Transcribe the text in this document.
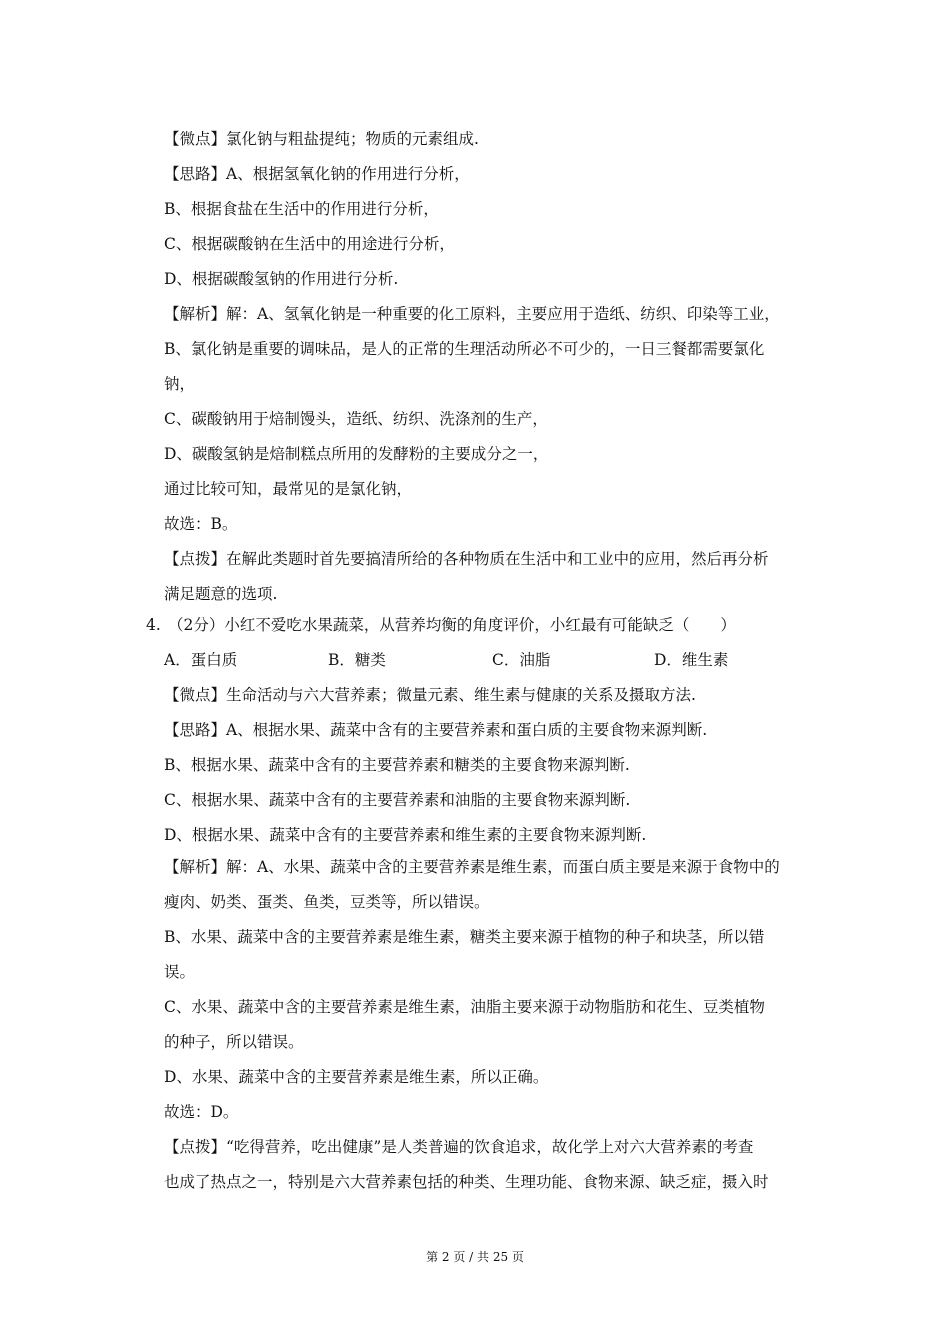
【微点】氯化钠与粗盐提纯；物质的元素组成.
【思路】A、根据氢氧化钠的作用进行分析，
B、根据食盐在生活中的作用进行分析，
C、根据碳酸钠在生活中的用途进行分析，
D、根据碳酸氢钠的作用进行分析.
【解析】解：A、氢氧化钠是一种重要的化工原料，主要应用于造纸、纺织、印染等工业，
B、氯化钠是重要的调味品，是人的正常的生理活动所必不可少的，一日三餐都需要氯化
钠，
C、碳酸钠用于焙制馒头，造纸、纺织、洗涤剂的生产，
D、碳酸氢钠是焙制糕点所用的发酵粉的主要成分之一，
通过比较可知，最常见的是氯化钠，
故选：B。
【点拨】在解此类题时首先要搞清所给的各种物质在生活中和工业中的应用，然后再分析
满足题意的选项.
4. （2分）小红不爱吃水果蔬菜，从营养均衡的角度评价，小红最有可能缺乏（　　）
A．蛋白质	B．糖类	C．油脂	D．维生素
【微点】生命活动与六大营养素；微量元素、维生素与健康的关系及摄取方法.
【思路】A、根据水果、蔬菜中含有的主要营养素和蛋白质的主要食物来源判断.
B、根据水果、蔬菜中含有的主要营养素和糖类的主要食物来源判断.
C、根据水果、蔬菜中含有的主要营养素和油脂的主要食物来源判断.
D、根据水果、蔬菜中含有的主要营养素和维生素的主要食物来源判断.
【解析】解：A、水果、蔬菜中含的主要营养素是维生素，而蛋白质主要是来源于食物中的
瘦肉、奶类、蛋类、鱼类，豆类等，所以错误。
B、水果、蔬菜中含的主要营养素是维生素，糖类主要来源于植物的种子和块茎，所以错
误。
C、水果、蔬菜中含的主要营养素是维生素，油脂主要来源于动物脂肪和花生、豆类植物
的种子，所以错误。
D、水果、蔬菜中含的主要营养素是维生素，所以正确。
故选：D。
【点拨】“吃得营养，吃出健康”是人类普遍的饮食追求，故化学上对六大营养素的考查
也成了热点之一，特别是六大营养素包括的种类、生理功能、食物来源、缺乏症，摄入时
第 2 页 / 共 25 页
